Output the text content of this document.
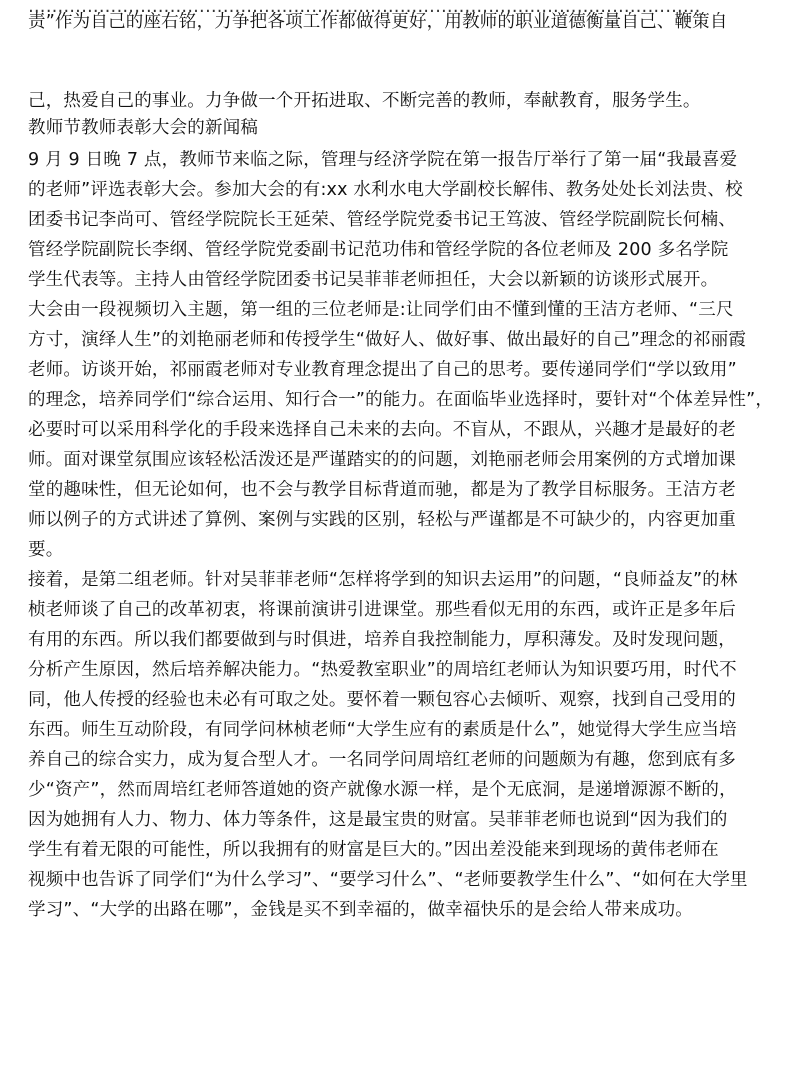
……………………………………………………………………………………………………
责”作为自己的座右铭，力争把各项工作都做得更好，用教师的职业道德衡量自己、鞭策自
己，热爱自己的事业。力争做一个开拓进取、不断完善的教师，奉献教育，服务学生。
教师节教师表彰大会的新闻稿
9 月 9 日晚 7 点，教师节来临之际，管理与经济学院在第一报告厅举行了第一届“我最喜爱
的老师”评选表彰大会。参加大会的有:xx 水利水电大学副校长解伟、教务处处长刘法贵、校
团委书记李尚可、管经学院院长王延荣、管经学院党委书记王笃波、管经学院副院长何楠、
管经学院副院长李纲、管经学院党委副书记范功伟和管经学院的各位老师及 200 多名学院
学生代表等。主持人由管经学院团委书记吴菲菲老师担任，大会以新颖的访谈形式展开。
大会由一段视频切入主题，第一组的三位老师是:让同学们由不懂到懂的王洁方老师、“三尺
方寸，演绎人生”的刘艳丽老师和传授学生“做好人、做好事、做出最好的自己”理念的祁丽霞
老师。访谈开始，祁丽霞老师对专业教育理念提出了自己的思考。要传递同学们“学以致用”
的理念，培养同学们“综合运用、知行合一”的能力。在面临毕业选择时，要针对“个体差异性”，
必要时可以采用科学化的手段来选择自己未来的去向。不盲从，不跟从，兴趣才是最好的老
师。面对课堂氛围应该轻松活泼还是严谨踏实的的问题，刘艳丽老师会用案例的方式增加课
堂的趣味性，但无论如何，也不会与教学目标背道而驰，都是为了教学目标服务。王洁方老
师以例子的方式讲述了算例、案例与实践的区别，轻松与严谨都是不可缺少的，内容更加重
要。
接着，是第二组老师。针对吴菲菲老师“怎样将学到的知识去运用”的问题，“良师益友”的林
桢老师谈了自己的改革初衷，将课前演讲引进课堂。那些看似无用的东西，或许正是多年后
有用的东西。所以我们都要做到与时俱进，培养自我控制能力，厚积薄发。及时发现问题，
分析产生原因，然后培养解决能力。“热爱教室职业”的周培红老师认为知识要巧用，时代不
同，他人传授的经验也未必有可取之处。要怀着一颗包容心去倾听、观察，找到自己受用的
东西。师生互动阶段，有同学问林桢老师“大学生应有的素质是什么”，她觉得大学生应当培
养自己的综合实力，成为复合型人才。一名同学问周培红老师的问题颇为有趣，您到底有多
少“资产”，然而周培红老师答道她的资产就像水源一样，是个无底洞，是递增源源不断的，
因为她拥有人力、物力、体力等条件，这是最宝贵的财富。吴菲菲老师也说到“因为我们的
学生有着无限的可能性，所以我拥有的财富是巨大的。”因出差没能来到现场的黄伟老师在
视频中也告诉了同学们“为什么学习”、“要学习什么”、“老师要教学生什么”、“如何在大学里
学习”、“大学的出路在哪”，金钱是买不到幸福的，做幸福快乐的是会给人带来成功。
